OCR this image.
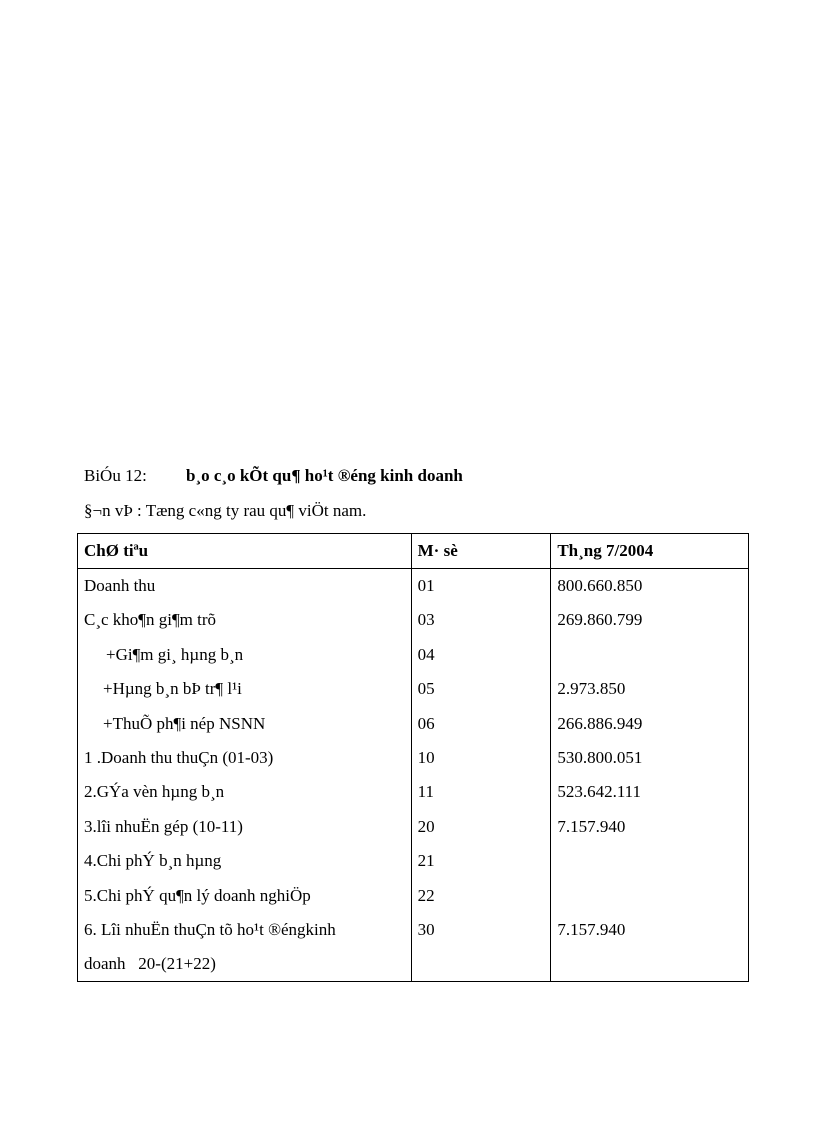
BiÓu 12: b¸o c¸o kÕt qu¶ ho¹t ®éng kinh doanh
§¬n vÞ : Tæng c«ng ty rau qu¶ viÖt nam.
ChØ tiªu	M· sè	Th¸ng 7/2004
Doanh thu	01	800.660.850
C¸c kho¶n gi¶m trõ	03	269.860.799
+Gi¶m gi¸ hµng b¸n	04	
+Hµng b¸n bÞ tr¶ l¹i	05	2.973.850
+ThuÕ ph¶i nép NSNN	06	266.886.949
1 .Doanh thu thuÇn (01-03)	10	530.800.051
2.GÝa vèn hµng b¸n	11	523.642.111
3.lîi nhuËn gép (10-11)	20	7.157.940
4.Chi phÝ b¸n hµng	21	
5.Chi phÝ qu¶n lý doanh nghiÖp	22	

6. Lîi nhuËn thuÇn tõ ho¹t ®éngkinh
doanh   20-(21+22)	30	7.157.940
